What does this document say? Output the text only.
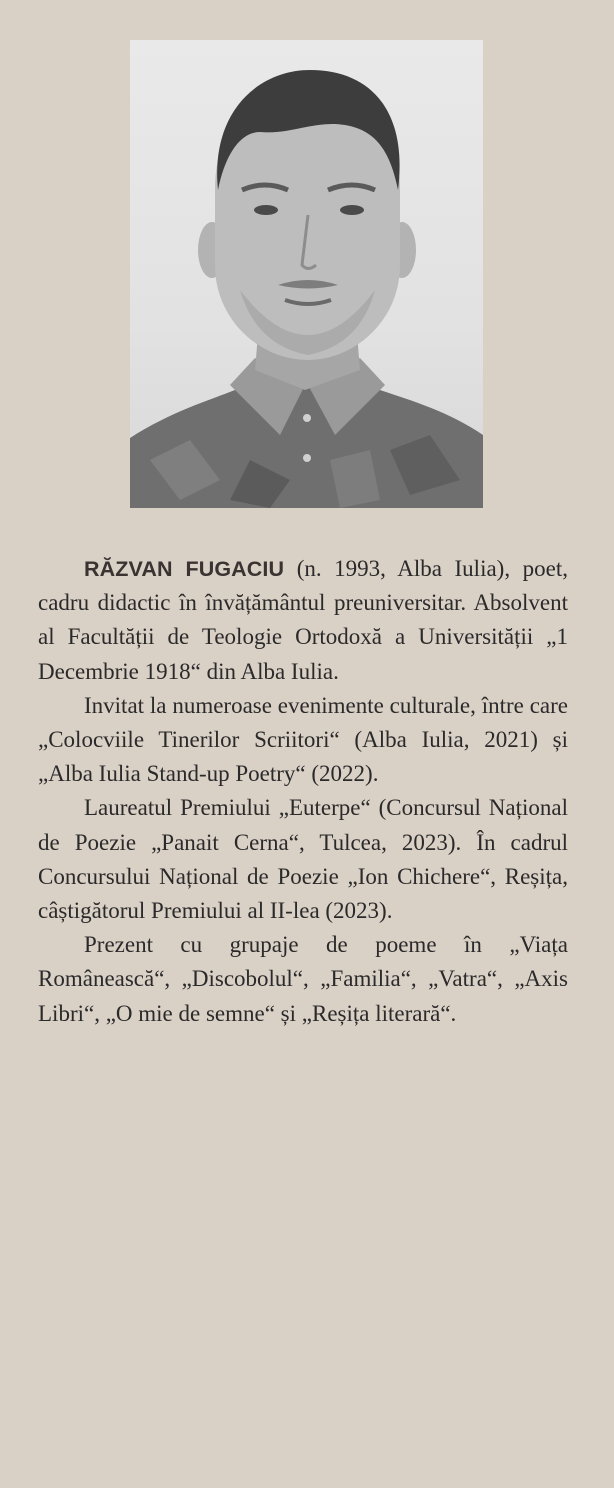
RĂZVAN FUGACIU (n. 1993, Alba Iulia), poet, cadru didactic în învățământul preuniversitar. Absolvent al Facultății de Teologie Ortodoxă a Universității „1 Decembrie 1918“ din Alba Iulia.

Invitat la numeroase evenimente culturale, între care „Colocviile Tinerilor Scriitori“ (Alba Iulia, 2021) și „Alba Iulia Stand-up Poetry“ (2022).

Laureatul Premiului „Euterpe“ (Concursul Național de Poezie „Panait Cerna“, Tulcea, 2023). În cadrul Concursului Național de Poezie „Ion Chichere“, Reșița, câștigătorul Premiului al II-lea (2023).

Prezent cu grupaje de poeme în „Viața Românească“, „Discobolul“, „Familia“, „Vatra“, „Axis Libri“, „O mie de semne“ și „Reșița literară“.
